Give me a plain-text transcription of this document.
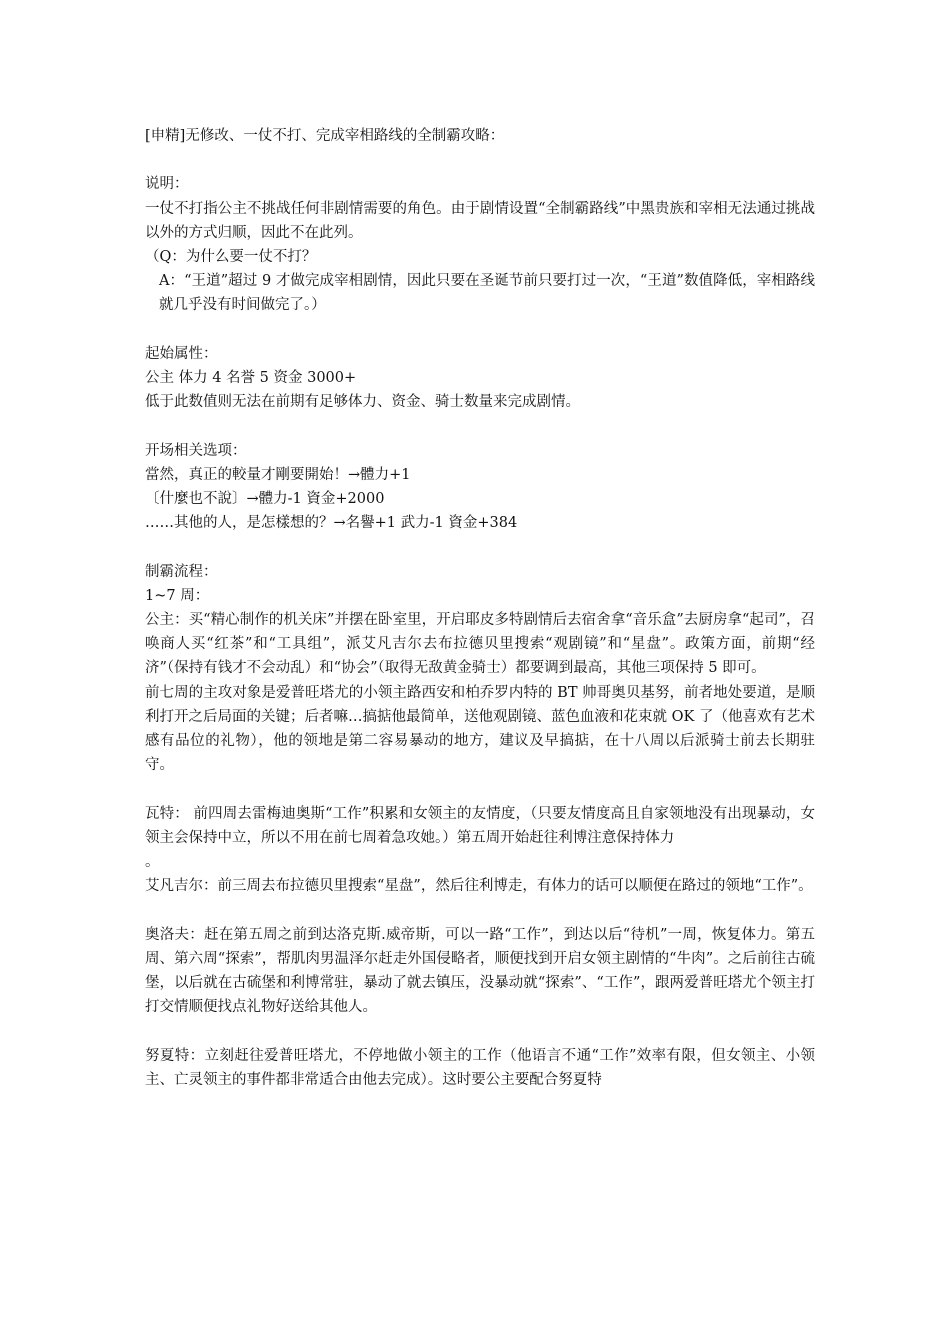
[申精]无修改、一仗不打、完成宰相路线的全制霸攻略：
说明：
一仗不打指公主不挑战任何非剧情需要的角色。由于剧情设置“全制霸路线”中黑贵族和宰相无法通过挑战以外的方式归顺，因此不在此列。
（Q：为什么要一仗不打？
A：“王道”超过 9 才做完成宰相剧情，因此只要在圣诞节前只要打过一次，“王道”数值降低，宰相路线就几乎没有时间做完了。）
起始属性：
公主 体力 4 名誉 5 资金 3000+
低于此数值则无法在前期有足够体力、资金、骑士数量来完成剧情。
开场相关选项：
當然，真正的較量才剛要開始！→體力+1
〔什麼也不說〕→體力-1 資金+2000
……其他的人，是怎樣想的？→名譽+1 武力-1 資金+384
制霸流程：
1~7 周：
公主：买“精心制作的机关床”并摆在卧室里，开启耶皮多特剧情后去宿舍拿“音乐盒”去厨房拿“起司”，召唤商人买“红茶”和“工具组”，派艾凡吉尔去布拉德贝里搜索“观剧镜”和“星盘”。政策方面，前期“经济”（保持有钱才不会动乱）和“协会”（取得无敌黄金骑士）都要调到最高，其他三项保持 5 即可。
前七周的主攻对象是爱普旺塔尤的小领主路西安和柏乔罗内特的 BT 帅哥奥贝基努，前者地处要道，是顺利打开之后局面的关键；后者嘛…搞掂他最简单，送他观剧镜、蓝色血液和花束就 OK 了（他喜欢有艺术感有品位的礼物），他的领地是第二容易暴动的地方，建议及早搞掂，在十八周以后派骑士前去长期驻守。
瓦特： 前四周去雷梅迪奥斯“工作”积累和女领主的友情度，（只要友情度高且自家领地没有出现暴动，女领主会保持中立，所以不用在前七周着急攻她。）第五周开始赶往利博注意保持体力
。
艾凡吉尔：前三周去布拉德贝里搜索“星盘”，然后往利博走，有体力的话可以顺便在路过的领地“工作”。
奥洛夫：赶在第五周之前到达洛克斯.威帝斯，可以一路“工作”，到达以后“待机”一周，恢复体力。第五周、第六周“探索”，帮肌肉男温泽尔赶走外国侵略者，顺便找到开启女领主剧情的“牛肉”。之后前往古硫堡，以后就在古硫堡和利博常驻，暴动了就去镇压，没暴动就“探索”、“工作”，跟两爱普旺塔尤个领主打打交情顺便找点礼物好送给其他人。
努夏特：立刻赶往爱普旺塔尤，不停地做小领主的工作（他语言不通“工作”效率有限，但女领主、小领主、亡灵领主的事件都非常适合由他去完成）。这时要公主要配合努夏特
